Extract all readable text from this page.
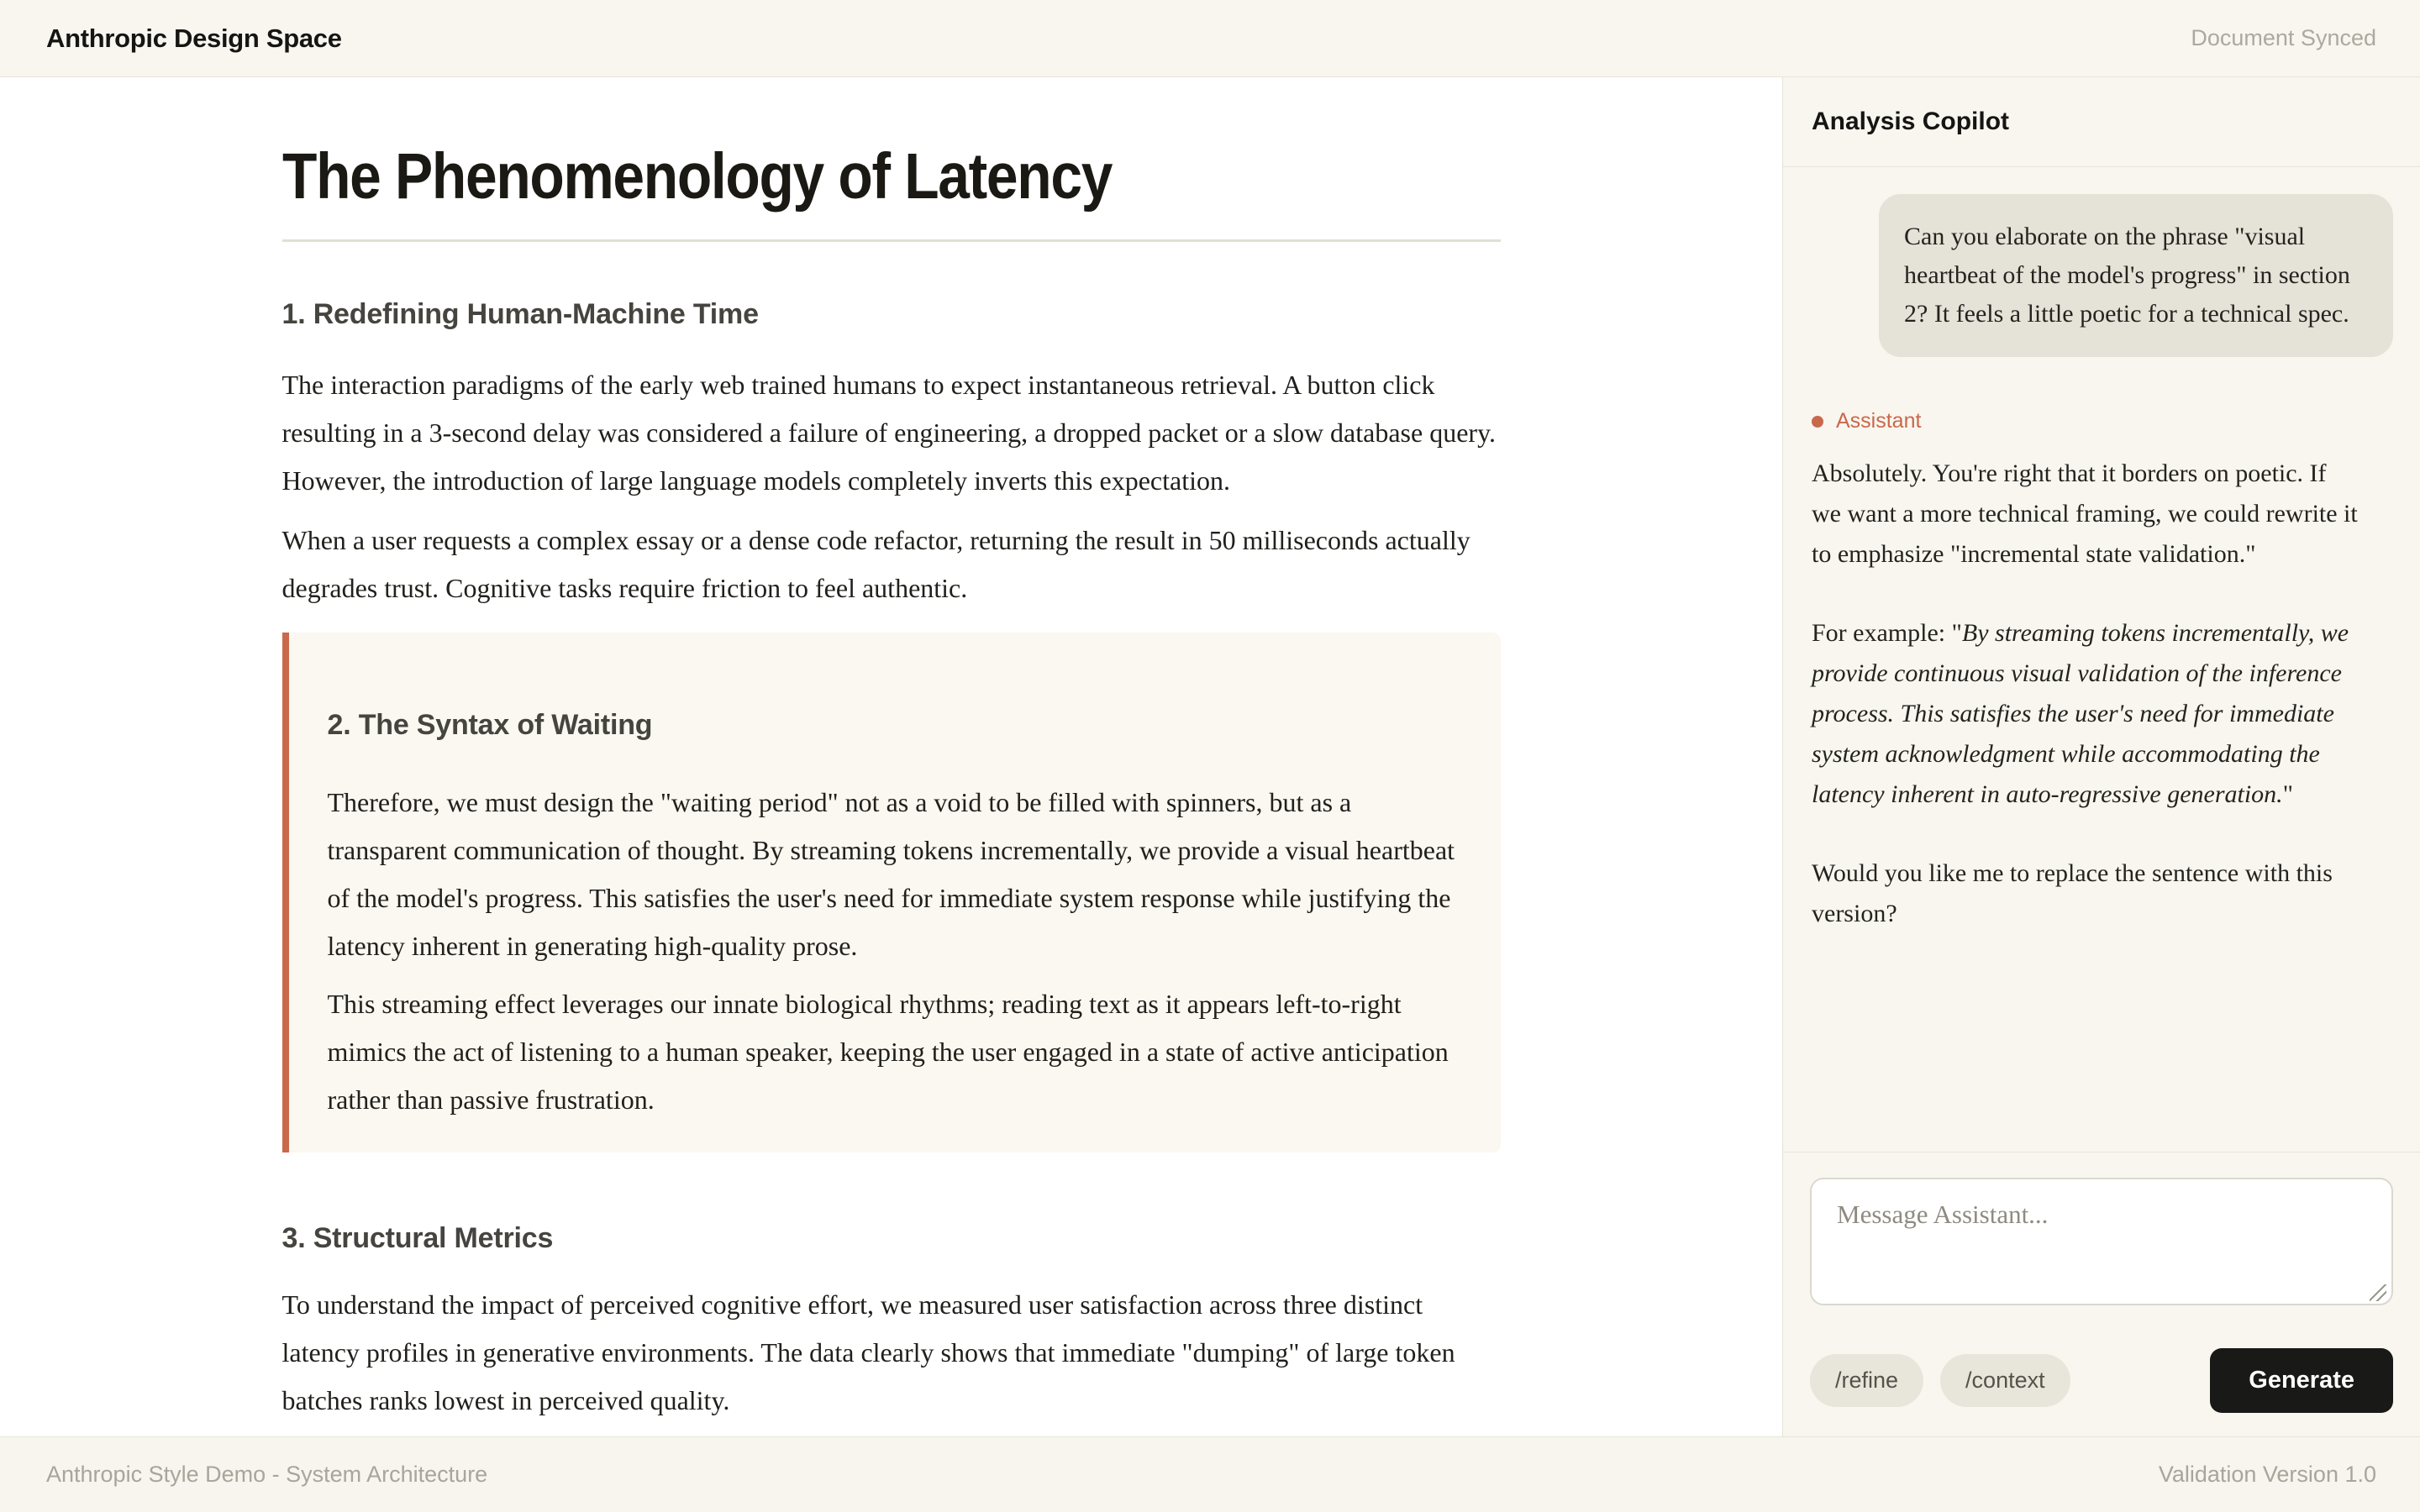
Anthropic Design Space	Document Synced
The Phenomenology of Latency
1. Redefining Human-Machine Time

The interaction paradigms of the early web trained humans to expect instantaneous retrieval. A button click resulting in a 3-second delay was considered a failure of engineering, a dropped packet or a slow database query. However, the introduction of large language models completely inverts this expectation.

When a user requests a complex essay or a dense code refactor, returning the result in 50 milliseconds actually degrades trust. Cognitive tasks require friction to feel authentic.

2. The Syntax of Waiting

Therefore, we must design the "waiting period" not as a void to be filled with spinners, but as a transparent communication of thought. By streaming tokens incrementally, we provide a visual heartbeat of the model's progress. This satisfies the user's need for immediate system response while justifying the latency inherent in generating high-quality prose.

This streaming effect leverages our innate biological rhythms; reading text as it appears left-to-right mimics the act of listening to a human speaker, keeping the user engaged in a state of active anticipation rather than passive frustration.

3. Structural Metrics

To understand the impact of perceived cognitive effort, we measured user satisfaction across three distinct latency profiles in generative environments. The data clearly shows that immediate "dumping" of large token batches ranks lowest in perceived quality.

Analysis Copilot
Can you elaborate on the phrase "visual heartbeat of the model's progress" in section 2? It feels a little poetic for a technical spec.
Assistant

Absolutely. You're right that it borders on poetic. If we want a more technical framing, we could rewrite it to emphasize "incremental state validation."

For example: "By streaming tokens incrementally, we provide continuous visual validation of the inference process. This satisfies the user's need for immediate system acknowledgment while accommodating the latency inherent in auto-regressive generation."

Would you like me to replace the sentence with this version?

Message Assistant...
/refine	/context	Generate
Anthropic Style Demo - System Architecture	Validation Version 1.0
